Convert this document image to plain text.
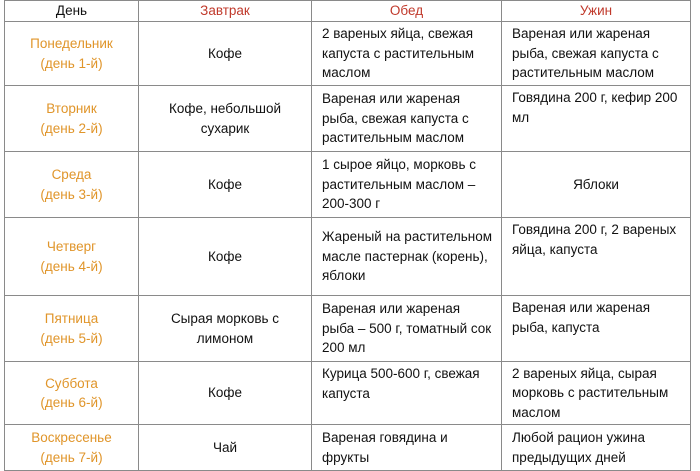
День	Завтрак	Обед	Ужин

Понедельник
(день 1-й)	Кофе	2 вареных яйца, свежая капуста с растительным маслом	Вареная или жареная рыба, свежая капуста с растительным маслом

Вторник
(день 2-й)	Кофе, небольшой сухарик	Вареная или жареная рыба, свежая капуста с растительным маслом	Говядина 200 г, кефир 200 мл

Среда
(день 3-й)	Кофе	1 сырое яйцо, морковь с растительным маслом – 200-300 г	Яблоки

Четверг
(день 4-й)	Кофе	Жареный на растительном масле пастернак (корень), яблоки	Говядина 200 г, 2 вареных яйца, капуста

Пятница
(день 5-й)	Сырая морковь с лимоном	Вареная или жареная рыба – 500 г, томатный сок 200 мл	Вареная или жареная рыба, капуста

Суббота
(день 6-й)	Кофе	Курица 500-600 г, свежая капуста	2 вареных яйца, сырая морковь с растительным маслом

Воскресенье
(день 7-й)	Чай	Вареная говядина и фрукты	Любой рацион ужина предыдущих дней
